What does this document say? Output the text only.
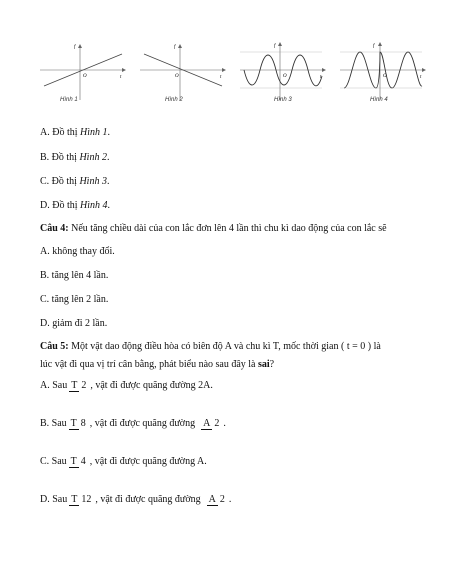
f
t
O
Hình 1
f
t
O
Hình 2
f
t
O
Hình 3
f
t
O
Hình 4
A. Đồ thị Hình 1.
B. Đồ thị Hình 2.
C. Đồ thị Hình 3.
D. Đồ thị Hình 4.
Câu 4: Nếu tăng chiều dài của con lắc đơn lên 4 lần thì chu kì dao động của con lắc sẽ
A. không thay đổi.
B. tăng lên 4 lần.
C. tăng lên 2 lần.
D. giảm đi 2 lần.
Câu 5: Một vật dao động điều hòa có biên độ A và chu kì T, mốc thời gian ( t = 0 ) là
lúc vật đi qua vị trí cân bằng, phát biểu nào sau đây là sai?
A. Sau T 2 , vật đi được quãng đường 2A .
B. Sau T 8 , vật đi được quãng đường A 2 .
C. Sau T 4 , vật đi được quãng đường A .
D. Sau T 12 , vật đi được quãng đường A 2 .
